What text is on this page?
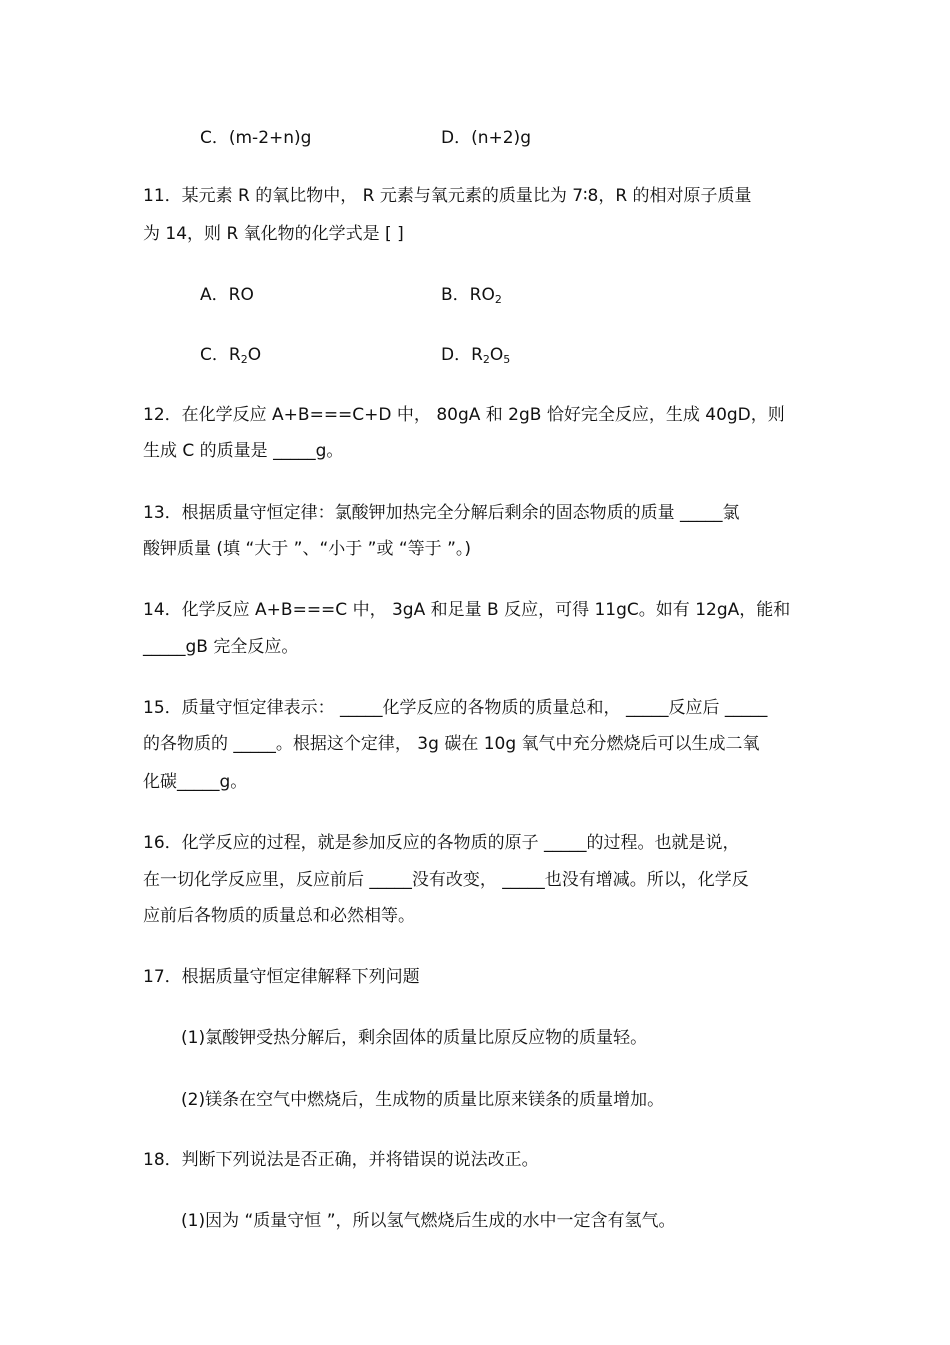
C．(m-2+n)g	D．(n+2)g
11．某元素 R 的氧比物中， R 元素与氧元素的质量比为 7∶8，R 的相对原子质量
为 14，则 R 氧化物的化学式是 [ ]
A．RO	B．$RO_2$
C．$R_2O$	D．$R_2O_5$
12．在化学反应 A+B===C+D 中， 80gA 和 2gB 恰好完全反应，生成 40gD，则
生成 C 的质量是 _____g。
13．根据质量守恒定律：氯酸钾加热完全分解后剩余的固态物质的质量 _____氯
酸钾质量 (填 “大于 ”、“小于 ”或 “等于 ”。)
14．化学反应 A+B===C 中， 3gA 和足量 B 反应，可得 11gC。如有 12gA，能和
_____gB 完全反应。
15．质量守恒定律表示： _____化学反应的各物质的质量总和， _____反应后 _____
的各物质的 _____。根据这个定律， 3g 碳在 10g 氧气中充分燃烧后可以生成二氧
化碳_____g。
16．化学反应的过程，就是参加反应的各物质的原子 _____的过程。也就是说，
在一切化学反应里，反应前后 _____没有改变， _____也没有增减。所以，化学反
应前后各物质的质量总和必然相等。
17．根据质量守恒定律解释下列问题
(1)氯酸钾受热分解后，剩余固体的质量比原反应物的质量轻。
(2)镁条在空气中燃烧后，生成物的质量比原来镁条的质量增加。
18．判断下列说法是否正确，并将错误的说法改正。
(1)因为 “质量守恒 ”，所以氢气燃烧后生成的水中一定含有氢气。
